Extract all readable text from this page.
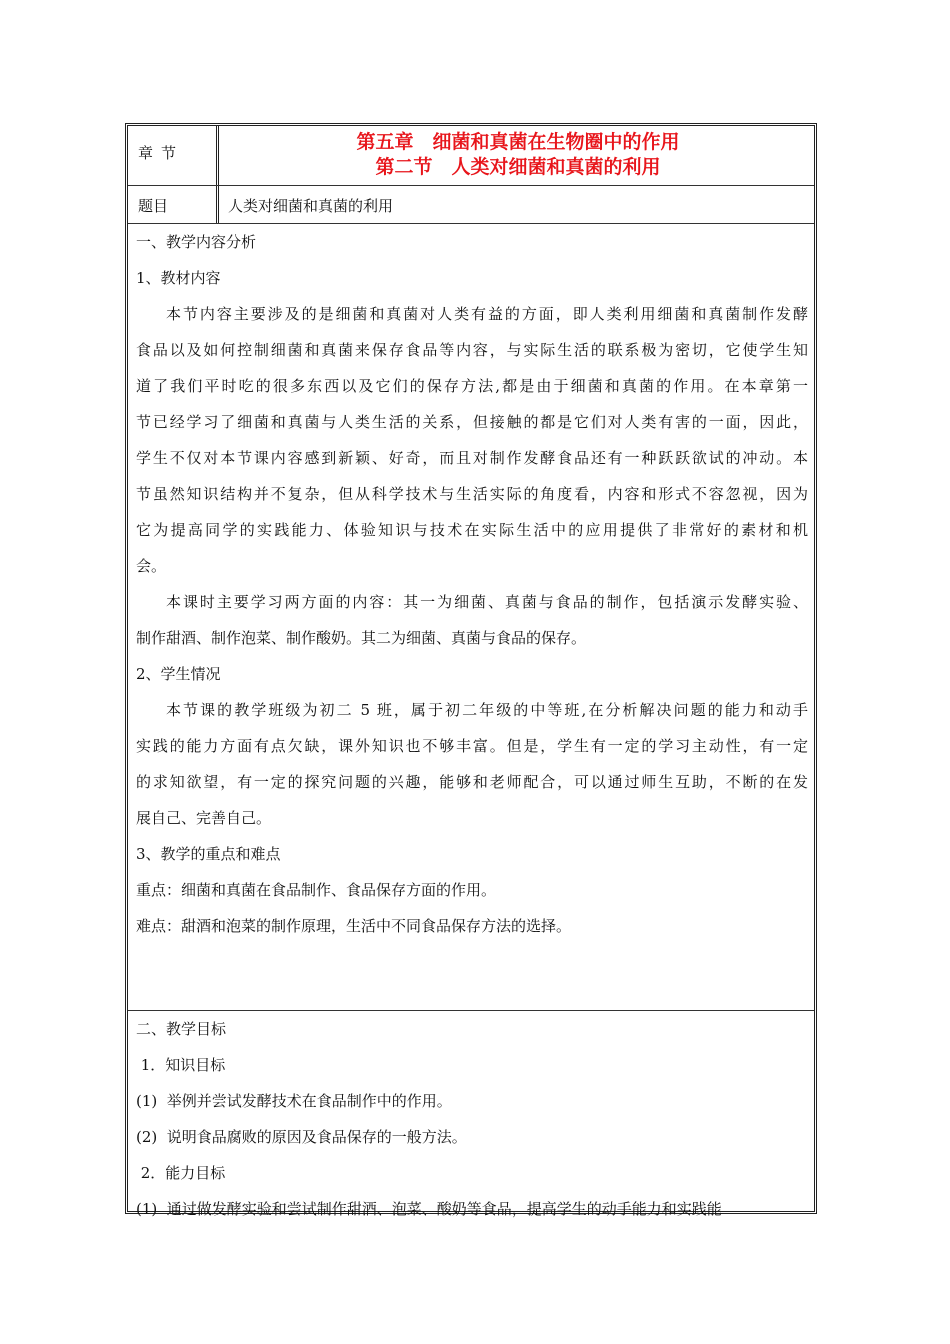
章节	第五章　细菌和真菌在生物圈中的作用
第二节　人类对细菌和真菌的利用
题目	人类对细菌和真菌的利用
一、教学内容分析
1、教材内容
本节内容主要涉及的是细菌和真菌对人类有益的方面，即人类利用细菌和真菌制作发酵
食品以及如何控制细菌和真菌来保存食品等内容，与实际生活的联系极为密切，它使学生知
道了我们平时吃的很多东西以及它们的保存方法,都是由于细菌和真菌的作用。在本章第一
节已经学习了细菌和真菌与人类生活的关系，但接触的都是它们对人类有害的一面，因此，
学生不仅对本节课内容感到新颖、好奇，而且对制作发酵食品还有一种跃跃欲试的冲动。本
节虽然知识结构并不复杂，但从科学技术与生活实际的角度看，内容和形式不容忽视，因为
它为提高同学的实践能力、体验知识与技术在实际生活中的应用提供了非常好的素材和机
会。
本课时主要学习两方面的内容：其一为细菌、真菌与食品的制作，包括演示发酵实验、
制作甜酒、制作泡菜、制作酸奶。其二为细菌、真菌与食品的保存。
2、学生情况
本节课的教学班级为初二 5 班，属于初二年级的中等班,在分析解决问题的能力和动手
实践的能力方面有点欠缺，课外知识也不够丰富。但是，学生有一定的学习主动性，有一定
的求知欲望，有一定的探究问题的兴趣，能够和老师配合，可以通过师生互助，不断的在发
展自己、完善自己。
3、教学的重点和难点
重点：细菌和真菌在食品制作、食品保存方面的作用。
难点：甜酒和泡菜的制作原理，生活中不同食品保存方法的选择。
二、教学目标
1．知识目标
(1)  举例并尝试发酵技术在食品制作中的作用。
(2)  说明食品腐败的原因及食品保存的一般方法。
2．能力目标
(1)  通过做发酵实验和尝试制作甜酒、泡菜、酸奶等食品，提高学生的动手能力和实践能
